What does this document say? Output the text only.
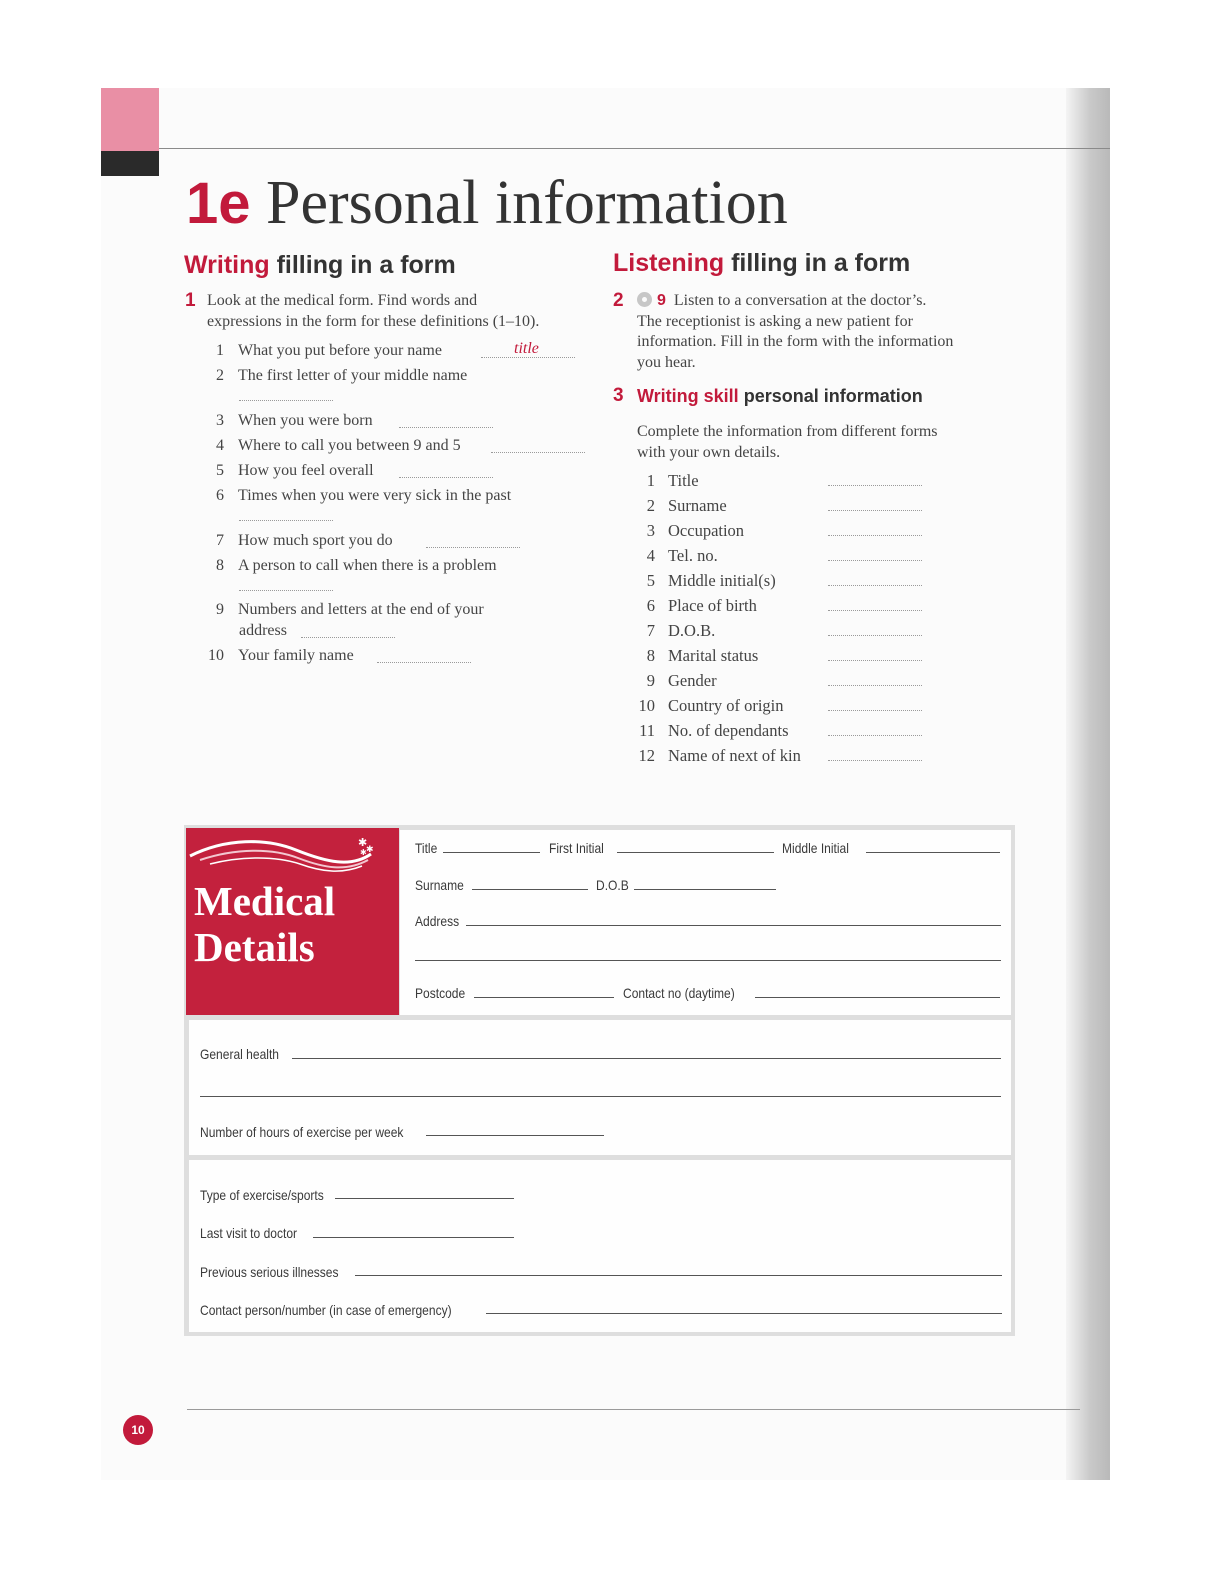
1e Personal information
Writing filling in a form
1 Look at the medical form. Find words and
expressions in the form for these definitions (1–10).
1 What you put before your name	title
2 The first letter of your middle name
3 When you were born
4 Where to call you between 9 and 5
5 How you feel overall
6 Times when you were very sick in the past
7 How much sport you do
8 A person to call when there is a problem
9 Numbers and letters at the end of your
address
10 Your family name
Listening filling in a form
2	9 Listen to a conversation at the doctor’s.
The receptionist is asking a new patient for
information. Fill in the form with the information
you hear.
3 Writing skill personal information
Complete the information from different forms
with your own details.
1 Title
2 Surname
3 Occupation
4 Tel. no.
5 Middle initial(s)
6 Place of birth
7 D.O.B.
8 Marital status
9 Gender
10 Country of origin
11 No. of dependants
12 Name of next of kin
✱
✱
✱
Medical
Details
Title	First Initial	Middle Initial
Surname	D.O.B
Address
Postcode	Contact no (daytime)
General health
Number of hours of exercise per week
Type of exercise/sports
Last visit to doctor
Previous serious illnesses
Contact person/number (in case of emergency)
10
